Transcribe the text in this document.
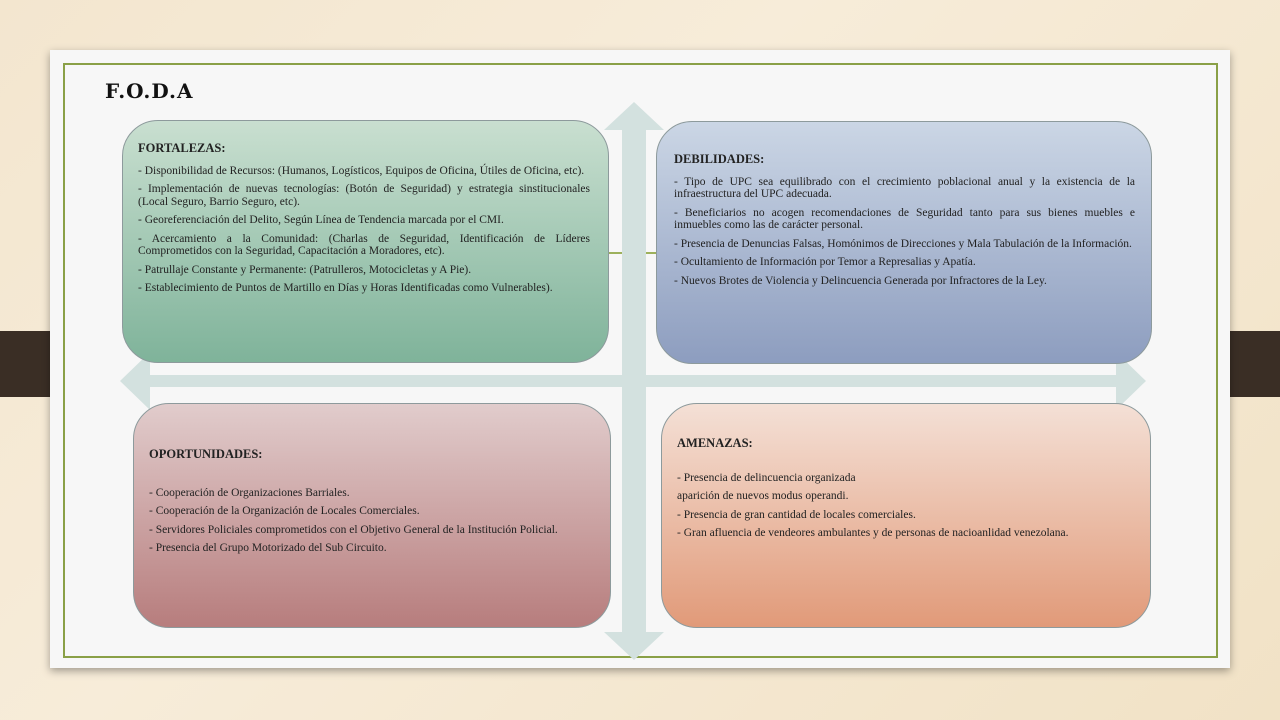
F.O.D.A
FORTALEZAS:

- Disponibilidad de Recursos: (Humanos, Logísticos, Equipos de Oficina, Útiles de Oficina, etc).

- Implementación de nuevas tecnologías: (Botón de Seguridad) y estrategia sinstitucionales (Local Seguro, Barrio Seguro, etc).

- Georeferenciación del Delito, Según Línea de Tendencia marcada por el CMI.

- Acercamiento a la Comunidad: (Charlas de Seguridad, Identificación de Líderes Comprometidos con la Seguridad, Capacitación a Moradores, etc).

- Patrullaje Constante y Permanente: (Patrulleros, Motocicletas y A Pie).

- Establecimiento de Puntos de Martillo en Días y Horas Identificadas como Vulnerables).

DEBILIDADES:

- Tipo de UPC sea equilibrado con el crecimiento poblacional anual y la existencia de la infraestructura del UPC adecuada.

- Beneficiarios no acogen recomendaciones de Seguridad tanto para sus bienes muebles e inmuebles como las de carácter personal.

- Presencia de Denuncias Falsas, Homónimos de Direcciones y Mala Tabulación de la Información.

- Ocultamiento de Información por Temor a Represalias y Apatía.

- Nuevos Brotes de Violencia y Delincuencia Generada por Infractores de la Ley.

OPORTUNIDADES:

- Cooperación de Organizaciones Barriales.

- Cooperación de la Organización de Locales Comerciales.

- Servidores Policiales comprometidos con el Objetivo General de la Institución Policial.

- Presencia del Grupo Motorizado del Sub Circuito.

AMENAZAS:

- Presencia de delincuencia organizada

aparición de nuevos modus operandi.

- Presencia de gran cantidad de locales comerciales.

- Gran afluencia de vendeores ambulantes y de personas de nacioanlidad venezolana.
